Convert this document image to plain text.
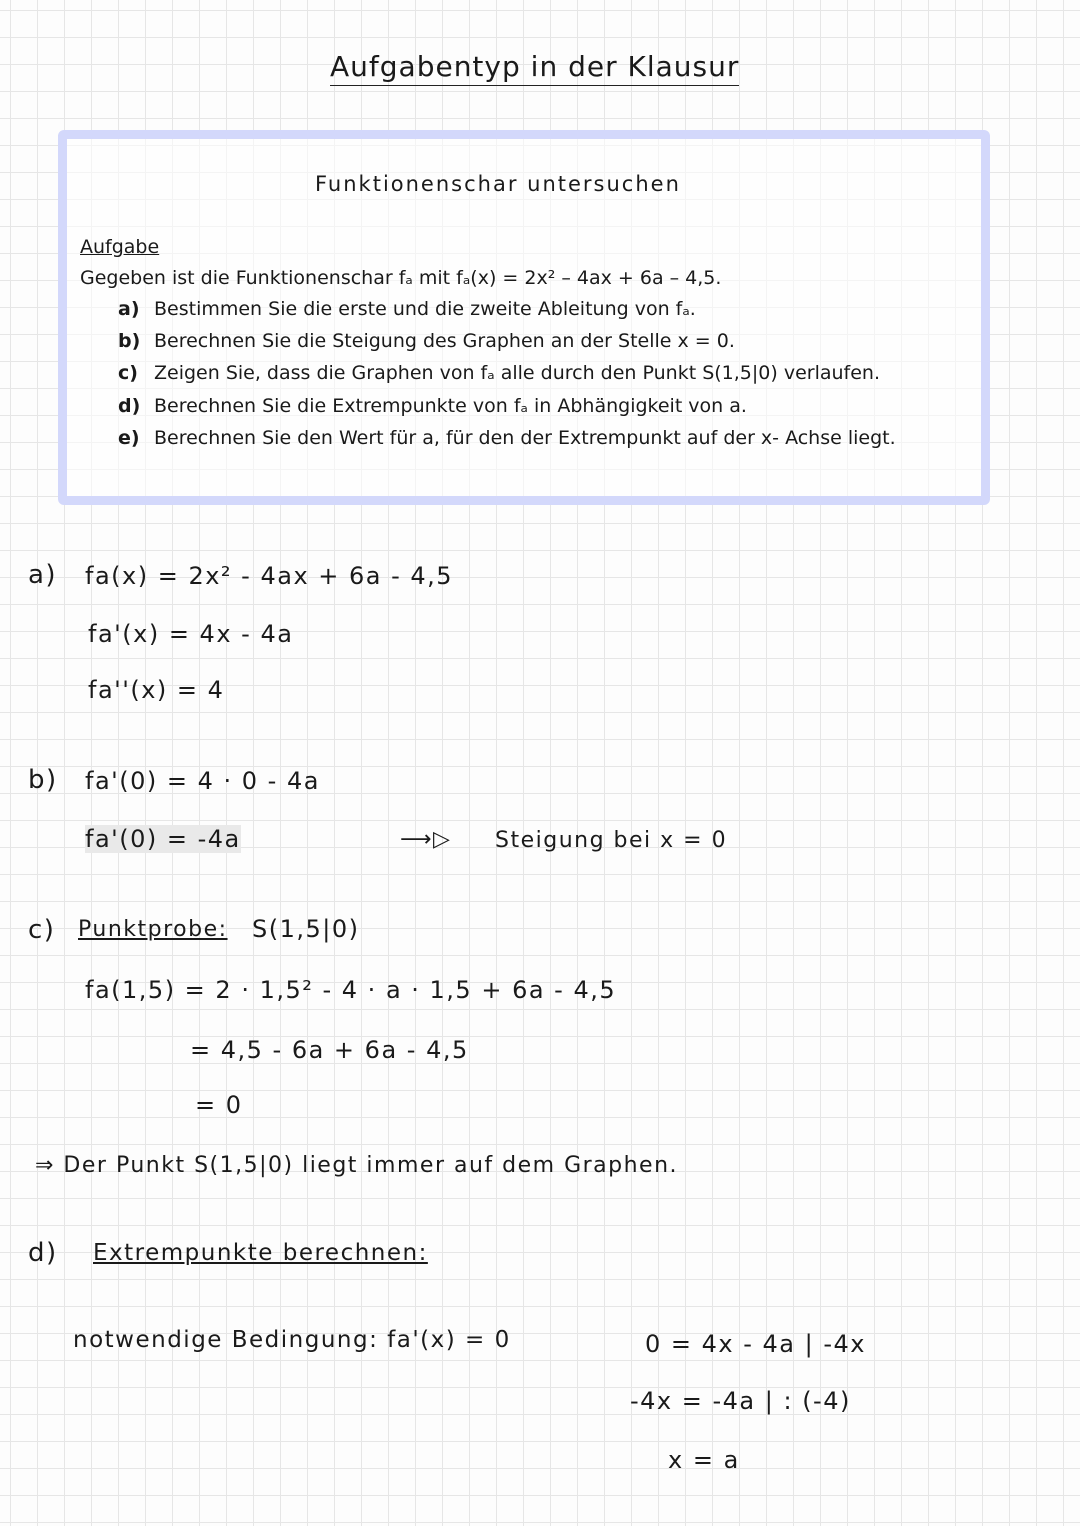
Aufgabentyp in der Klausur
Funktionenschar untersuchen
Aufgabe
Gegeben ist die Funktionenschar fₐ mit fₐ(x) = 2x² – 4ax + 6a – 4,5.
a) Bestimmen Sie die erste und die zweite Ableitung von fₐ.
b) Berechnen Sie die Steigung des Graphen an der Stelle x = 0.
c) Zeigen Sie, dass die Graphen von fₐ alle durch den Punkt S(1,5|0) verlaufen.
d) Berechnen Sie die Extrempunkte von fₐ in Abhängigkeit von a.
e) Berechnen Sie den Wert für a, für den der Extrempunkt auf der x- Achse liegt.
a) fa(x) = 2x² - 4ax + 6a - 4,5
fa'(x) = 4x - 4a
fa''(x) = 4
b) fa'(0) = 4 · 0 - 4a
fa'(0) = -4a	⟶▷ Steigung bei x = 0
c) Punktprobe: S(1,5|0)
fa(1,5) = 2 · 1,5² - 4 · a · 1,5 + 6a - 4,5
= 4,5 - 6a + 6a - 4,5
= 0
⇒ Der Punkt S(1,5|0) liegt immer auf dem Graphen.
d) Extrempunkte berechnen:
notwendige Bedingung: fa'(x) = 0	0 = 4x - 4a | -4x
-4x = -4a | : (-4)
x = a
